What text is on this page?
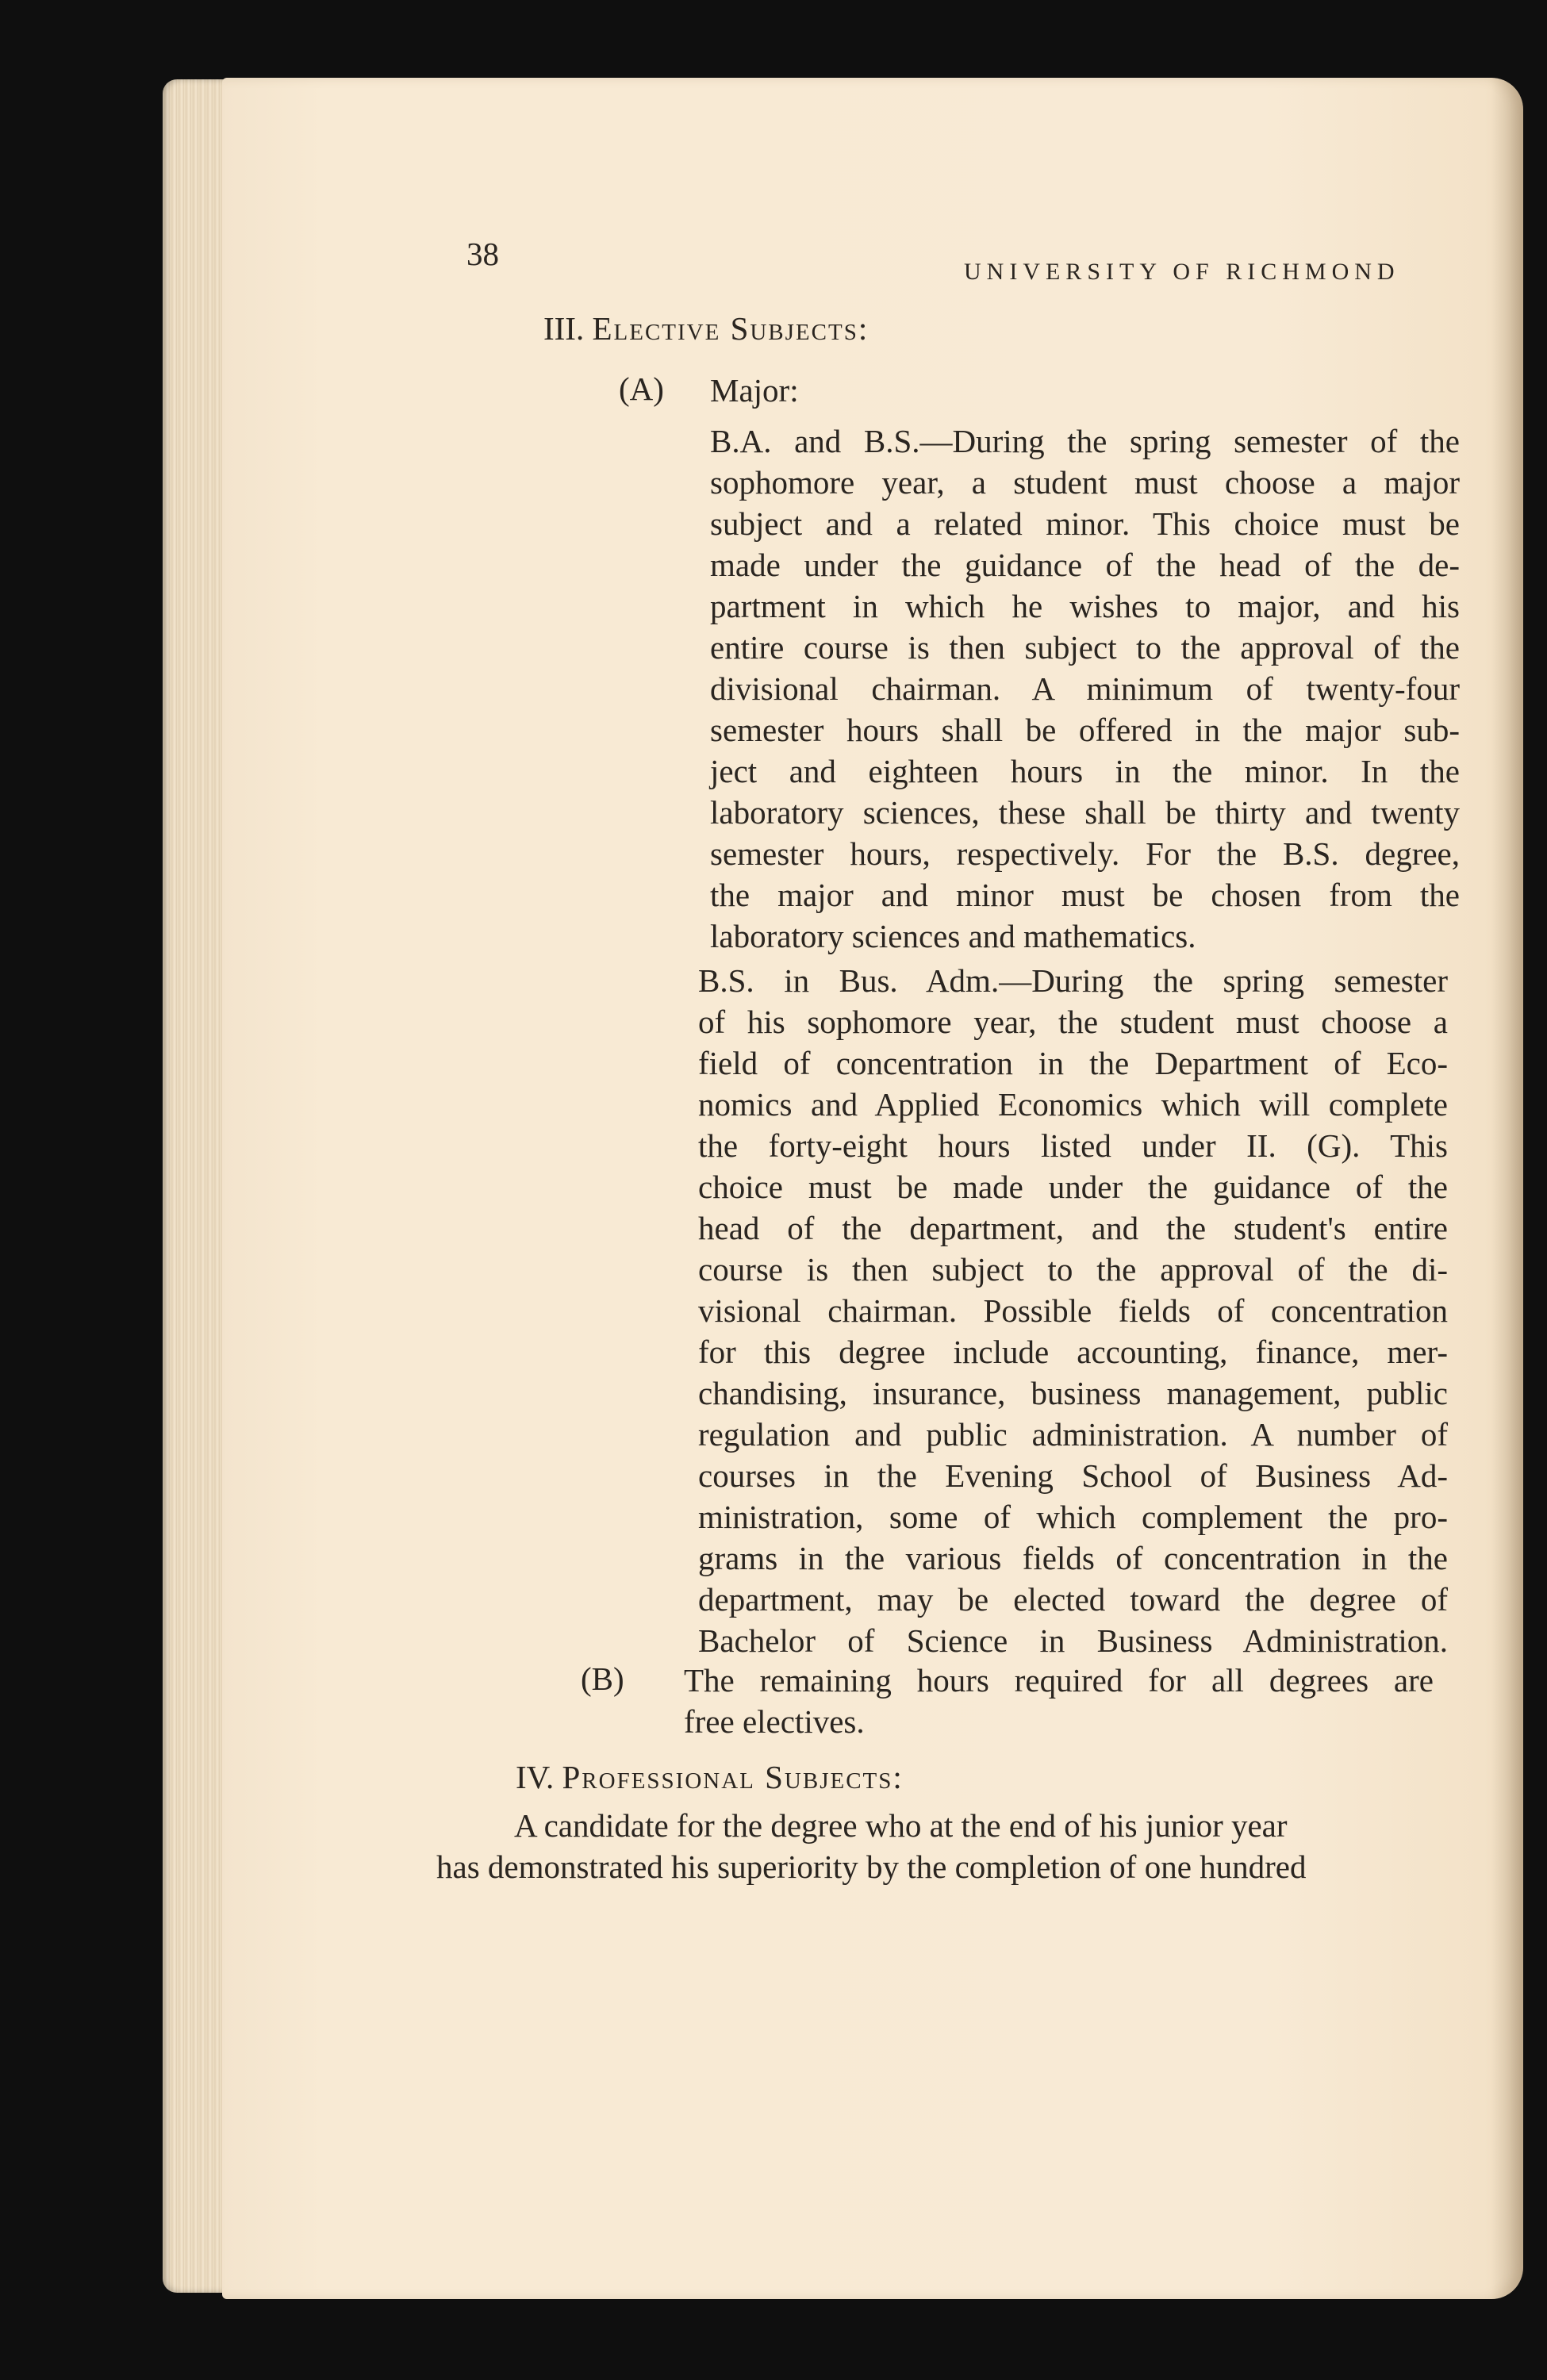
38	UNIVERSITY OF RICHMOND
III. Elective Subjects:
(A) Major:
B.A. and B.S.—During the spring semester of the
sophomore year, a student must choose a major
subject and a related minor. This choice must be
made under the guidance of the head of the de-
partment in which he wishes to major, and his
entire course is then subject to the approval of the
divisional chairman. A minimum of twenty-four
semester hours shall be offered in the major sub-
ject and eighteen hours in the minor. In the
laboratory sciences, these shall be thirty and twenty
semester hours, respectively. For the B.S. degree,
the major and minor must be chosen from the
laboratory sciences and mathematics.
B.S. in Bus. Adm.—During the spring semester
of his sophomore year, the student must choose a
field of concentration in the Department of Eco-
nomics and Applied Economics which will complete
the forty-eight hours listed under II. (G). This
choice must be made under the guidance of the
head of the department, and the student's entire
course is then subject to the approval of the di-
visional chairman. Possible fields of concentration
for this degree include accounting, finance, mer-
chandising, insurance, business management, public
regulation and public administration. A number of
courses in the Evening School of Business Ad-
ministration, some of which complement the pro-
grams in the various fields of concentration in the
department, may be elected toward the degree of
Bachelor of Science in Business Administration.
(B) The remaining hours required for all degrees are
free electives.
IV. Professional Subjects:
A candidate for the degree who at the end of his junior year
has demonstrated his superiority by the completion of one hundred
